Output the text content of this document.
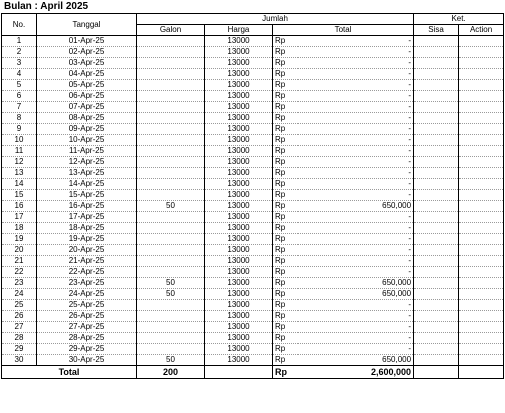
Bulan : April 2025
No.	Tanggal	Jumlah				Ket.	
		Galon	Harga	Total		Sisa	Action
1	01-Apr-25		13000	Rp	-		
2	02-Apr-25		13000	Rp	-		
3	03-Apr-25		13000	Rp	-		
4	04-Apr-25		13000	Rp	-		
5	05-Apr-25		13000	Rp	-		
6	06-Apr-25		13000	Rp	-		
7	07-Apr-25		13000	Rp	-		
8	08-Apr-25		13000	Rp	-		
9	09-Apr-25		13000	Rp	-		
10	10-Apr-25		13000	Rp	-		
11	11-Apr-25		13000	Rp	-		
12	12-Apr-25		13000	Rp	-		
13	13-Apr-25		13000	Rp	-		
14	14-Apr-25		13000	Rp	-		
15	15-Apr-25		13000	Rp	-		
16	16-Apr-25	50	13000	Rp	650,000		
17	17-Apr-25		13000	Rp	-		
18	18-Apr-25		13000	Rp	-		
19	19-Apr-25		13000	Rp	-		
20	20-Apr-25		13000	Rp	-		
21	21-Apr-25		13000	Rp	-		
22	22-Apr-25		13000	Rp	-		
23	23-Apr-25	50	13000	Rp	650,000		
24	24-Apr-25	50	13000	Rp	650,000		
25	25-Apr-25		13000	Rp	-		
26	26-Apr-25		13000	Rp	-		
27	27-Apr-25		13000	Rp	-		
28	28-Apr-25		13000	Rp	-		
29	29-Apr-25		13000	Rp	-		
30	30-Apr-25	50	13000	Rp	650,000		
Total		200		Rp	2,600,000		
